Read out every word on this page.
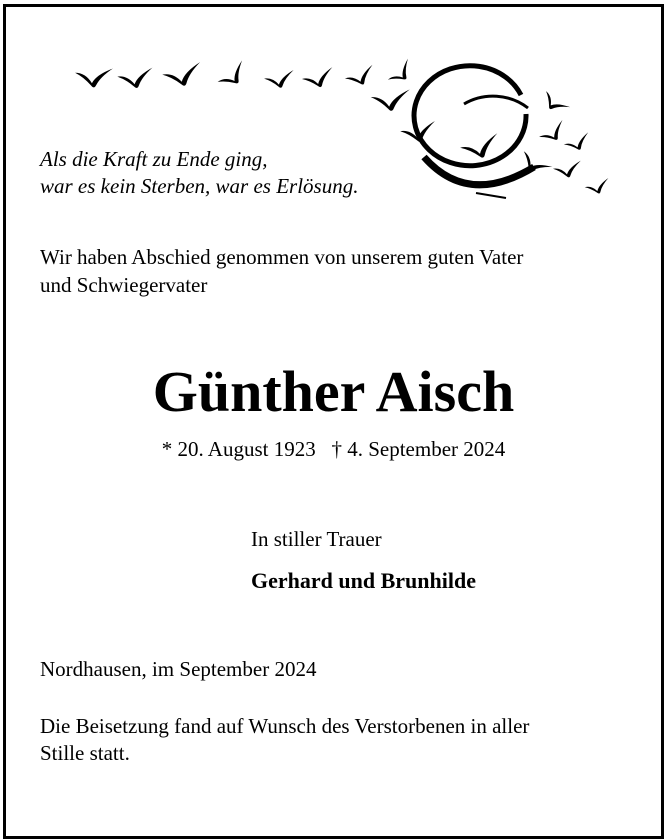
Als die Kraft zu Ende ging,
war es kein Sterben, war es Erlösung.
Wir haben Abschied genommen von unserem guten Vater
und Schwiegervater
Günther Aisch
* 20. August 1923   † 4. September 2024
In stiller Trauer
Gerhard und Brunhilde
Nordhausen, im September 2024
Die Beisetzung fand auf Wunsch des Verstorbenen in aller
Stille statt.
